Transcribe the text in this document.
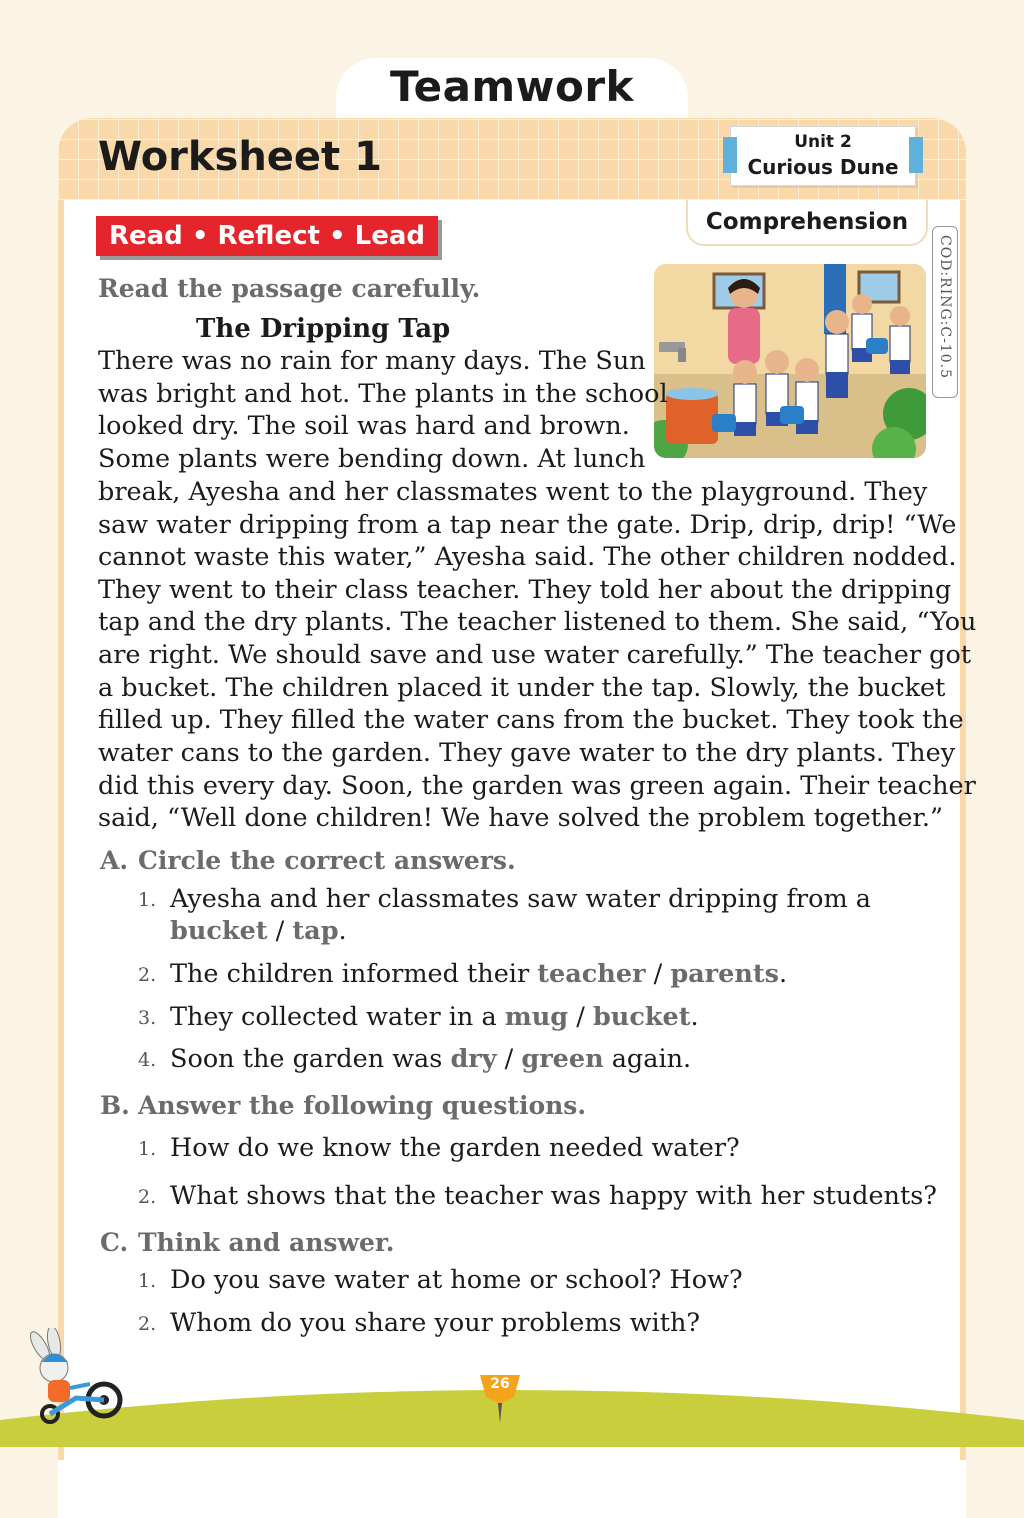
Teamwork
Worksheet 1	Unit 2
Curious Dune
Comprehension
COD:RING:C-10.5
Read • Reflect • Lead
Read the passage carefully.
The Dripping Tap
There was no rain for many days. The Sun
was bright and hot. The plants in the school
looked dry. The soil was hard and brown.
Some plants were bending down. At lunch
break, Ayesha and her classmates went to the playground. They
saw water dripping from a tap near the gate. Drip, drip, drip! “We
cannot waste this water,” Ayesha said. The other children nodded.
They went to their class teacher. They told her about the dripping
tap and the dry plants. The teacher listened to them. She said, “You
are right. We should save and use water carefully.” The teacher got
a bucket. The children placed it under the tap. Slowly, the bucket
filled up. They filled the water cans from the bucket. They took the
water cans to the garden. They gave water to the dry plants. They
did this every day. Soon, the garden was green again. Their teacher
said, “Well done children! We have solved the problem together.”
A. Circle the correct answers.
1. Ayesha and her classmates saw water dripping from a
bucket / tap.
2. The children informed their teacher / parents.
3. They collected water in a mug / bucket.
4. Soon the garden was dry / green again.
B. Answer the following questions.
1. How do we know the garden needed water?
2. What shows that the teacher was happy with her students?
C. Think and answer.
1. Do you save water at home or school? How?
2. Whom do you share your problems with?
26
